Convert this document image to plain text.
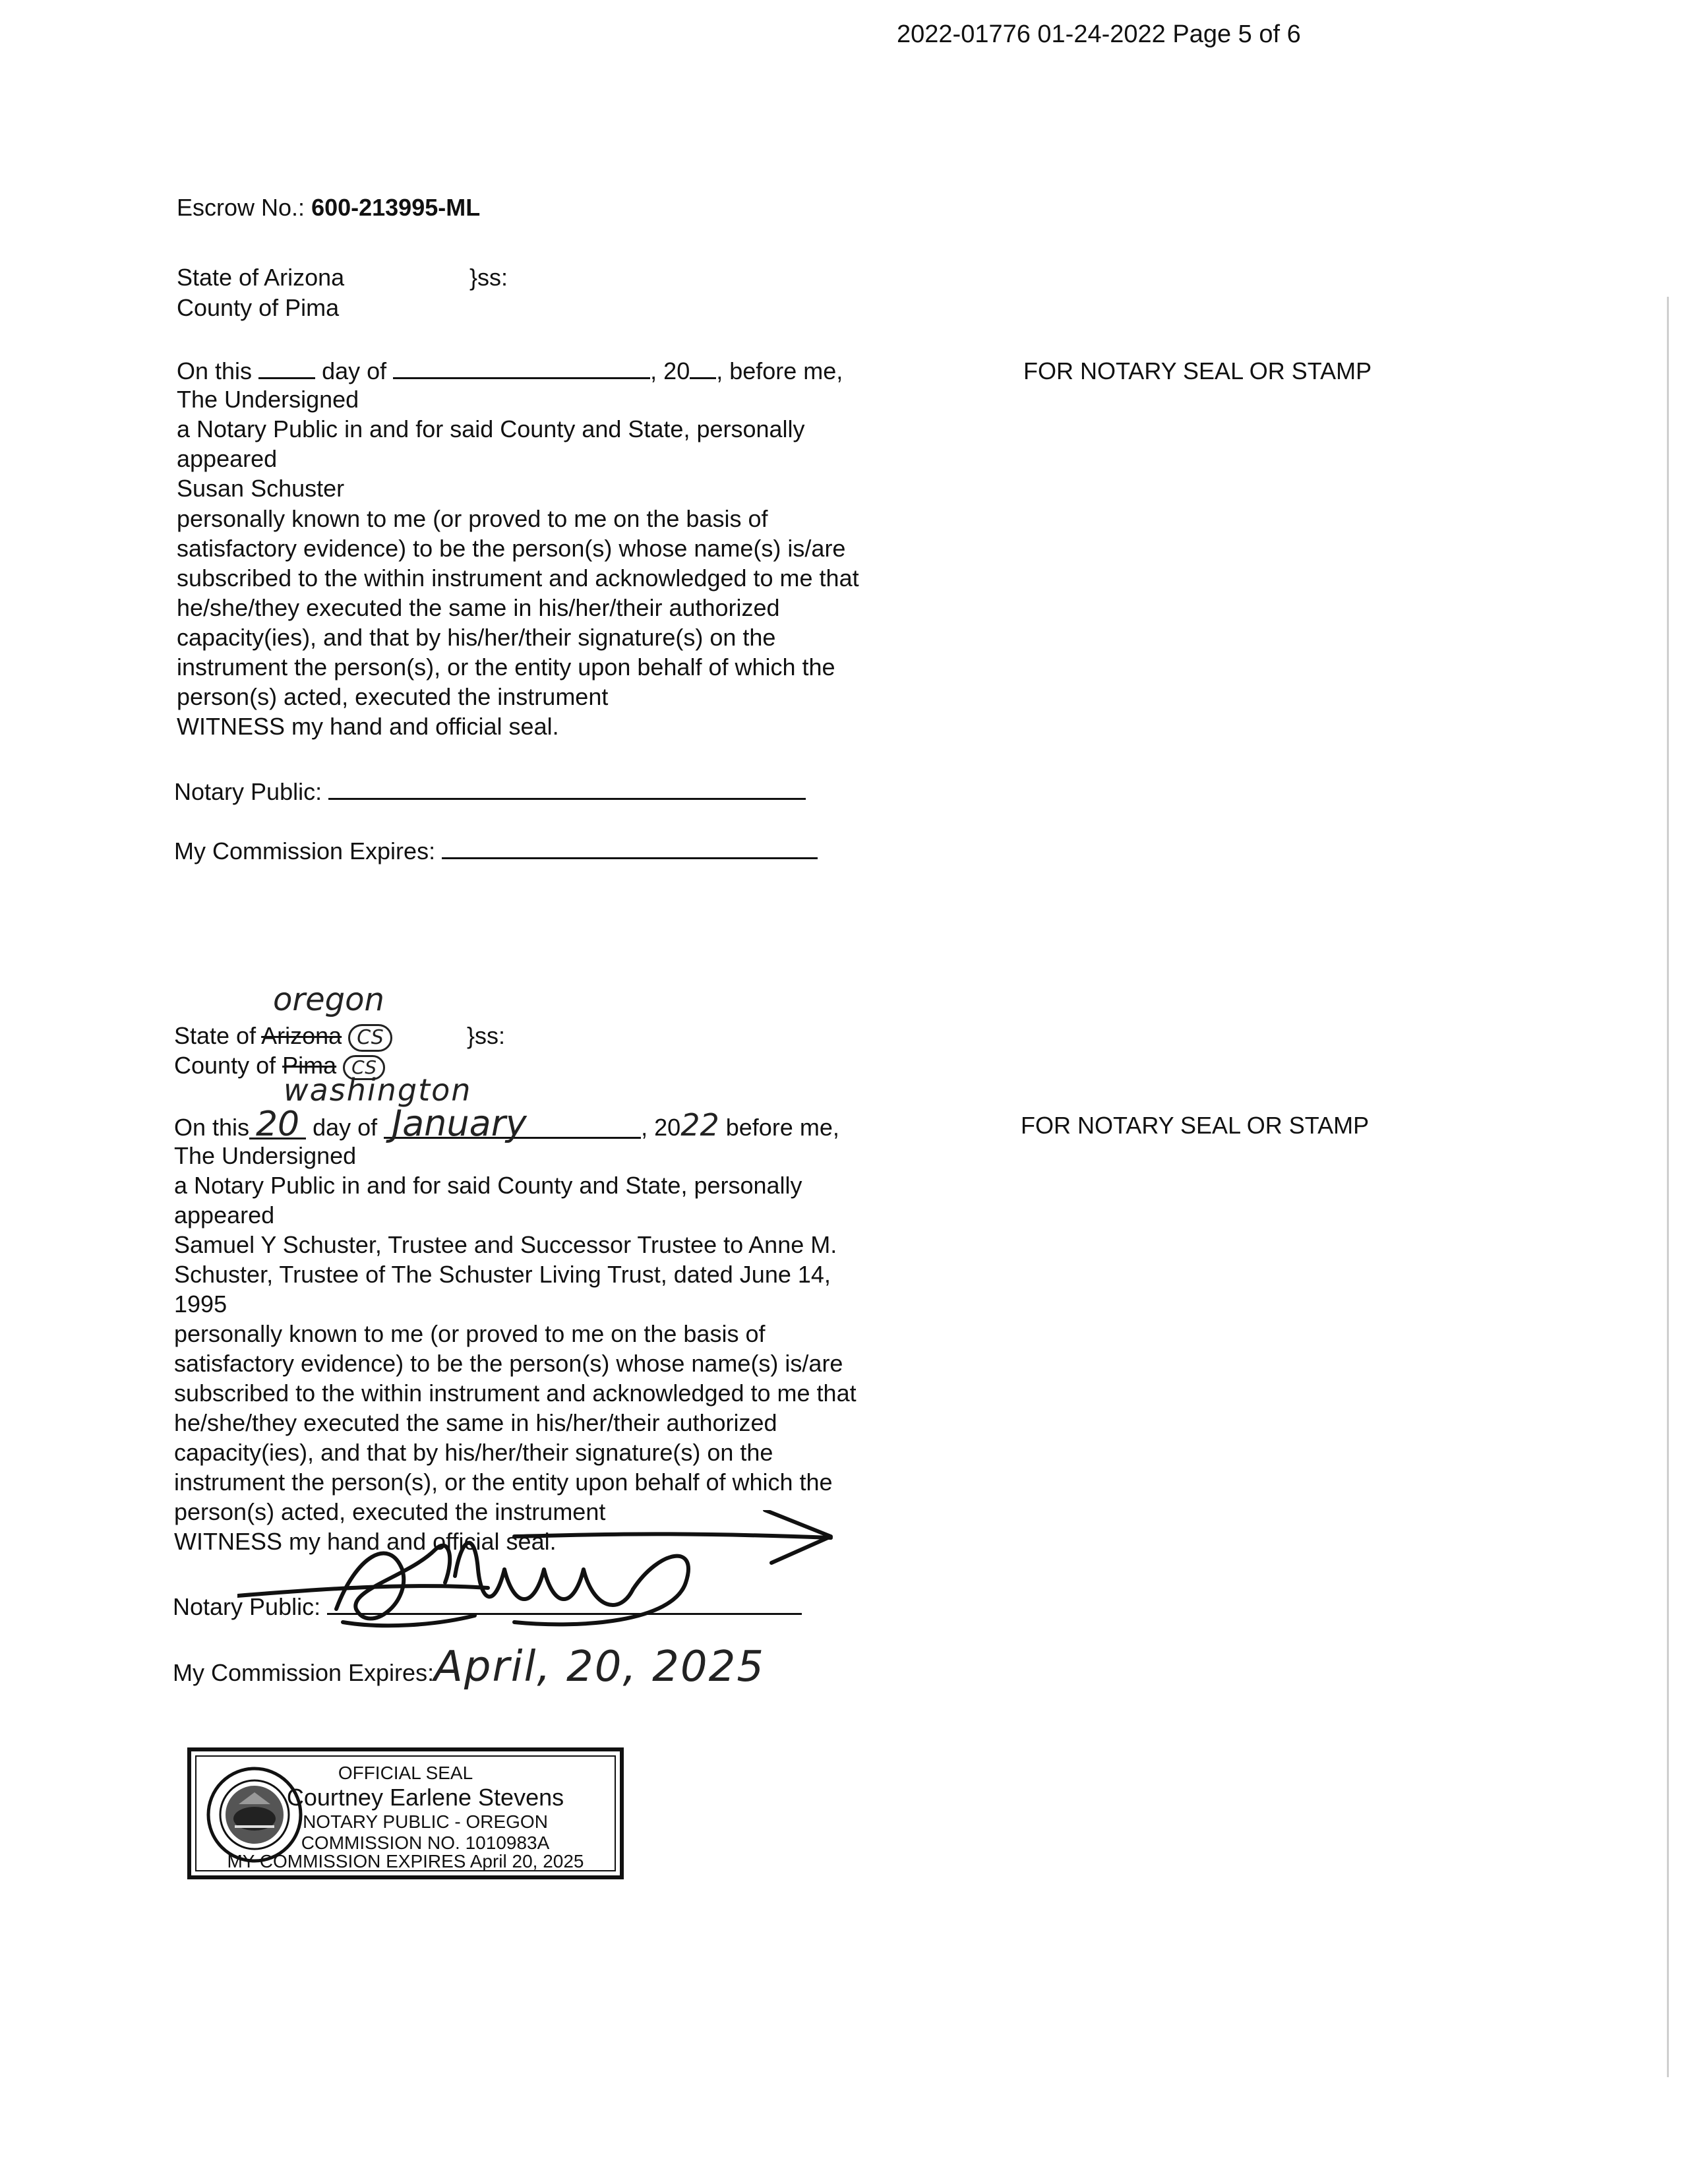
2022-01776 01-24-2022 Page 5 of 6
Escrow No.: 600-213995-ML
State of Arizona	}ss:
County of Pima
On this	day of	, 20 , before me,
The Undersigned
a Notary Public in and for said County and State, personally
appeared
Susan Schuster
personally known to me (or proved to me on the basis of
satisfactory evidence) to be the person(s) whose name(s) is/are
subscribed to the within instrument and acknowledged to me that
he/she/they executed the same in his/her/their authorized
capacity(ies), and that by his/her/their signature(s) on the
instrument the person(s), or the entity upon behalf of which the
person(s) acted, executed the instrument
WITNESS my hand and official seal.
Notary Public:
My Commission Expires:
FOR NOTARY SEAL OR STAMP
oregon
State of Arizona CS	}ss:
County of Pima CS
washington
On this 20 day of January	, 2022 before me,
The Undersigned
a Notary Public in and for said County and State, personally
appeared
Samuel Y Schuster, Trustee and Successor Trustee to Anne M.
Schuster, Trustee of The Schuster Living Trust, dated June 14,
1995
personally known to me (or proved to me on the basis of
satisfactory evidence) to be the person(s) whose name(s) is/are
subscribed to the within instrument and acknowledged to me that
he/she/they executed the same in his/her/their authorized
capacity(ies), and that by his/her/their signature(s) on the
instrument the person(s), or the entity upon behalf of which the
person(s) acted, executed the instrument
WITNESS my hand and official seal.
Notary Public:
My Commission Expires:April, 20, 2025
FOR NOTARY SEAL OR STAMP
OFFICIAL SEAL
Courtney Earlene Stevens
NOTARY PUBLIC - OREGON
COMMISSION NO. 1010983A
MY COMMISSION EXPIRES April 20, 2025
